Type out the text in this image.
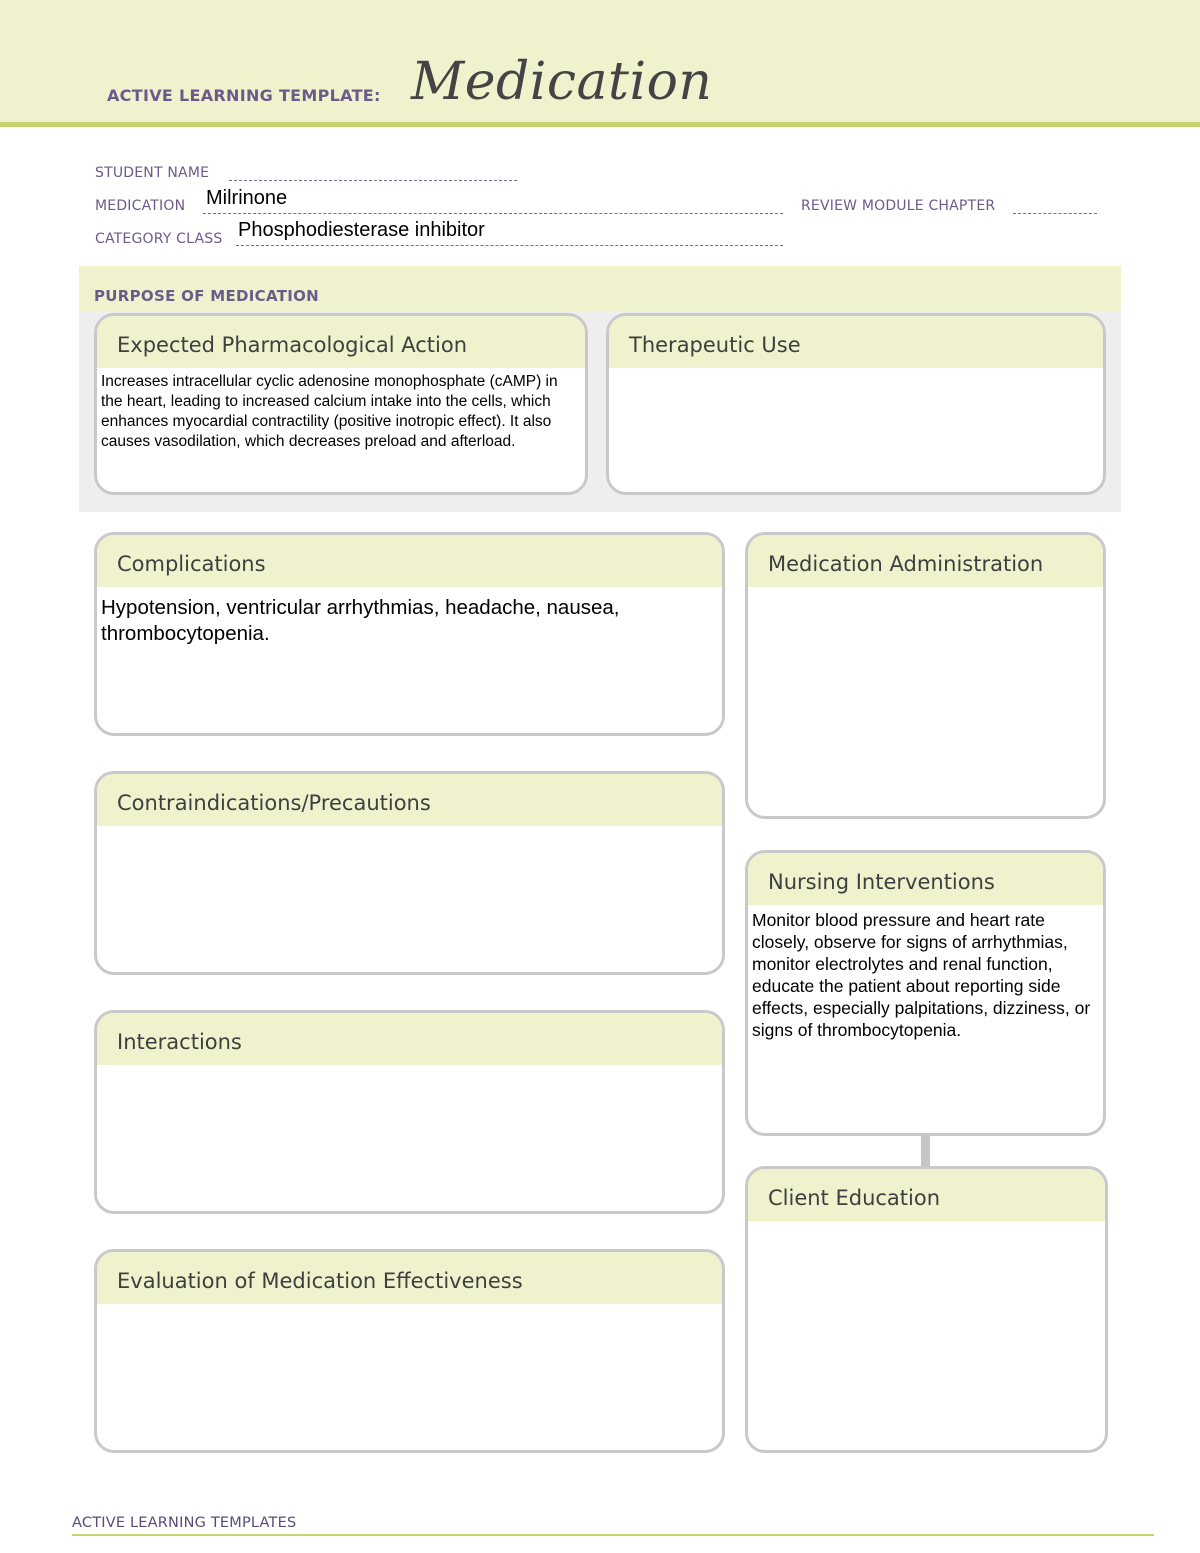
ACTIVE LEARNING TEMPLATE: Medication
STUDENT NAME
MEDICATION Milrinone	REVIEW MODULE CHAPTER
CATEGORY CLASS Phosphodiesterase inhibitor
PURPOSE OF MEDICATION
Expected Pharmacological Action
Increases intracellular cyclic adenosine monophosphate (cAMP) in the heart, leading to increased calcium intake into the cells, which enhances myocardial contractility (positive inotropic effect). It also causes vasodilation, which decreases preload and afterload.
Therapeutic Use
Complications
Hypotension, ventricular arrhythmias, headache, nausea, thrombocytopenia.
Medication Administration
Contraindications/Precautions
Nursing Interventions
Monitor blood pressure and heart rate closely, observe for signs of arrhythmias, monitor electrolytes and renal function, educate the patient about reporting side effects, especially palpitations, dizziness, or signs of thrombocytopenia.
Interactions
Client Education
Evaluation of Medication Effectiveness
ACTIVE LEARNING TEMPLATES
